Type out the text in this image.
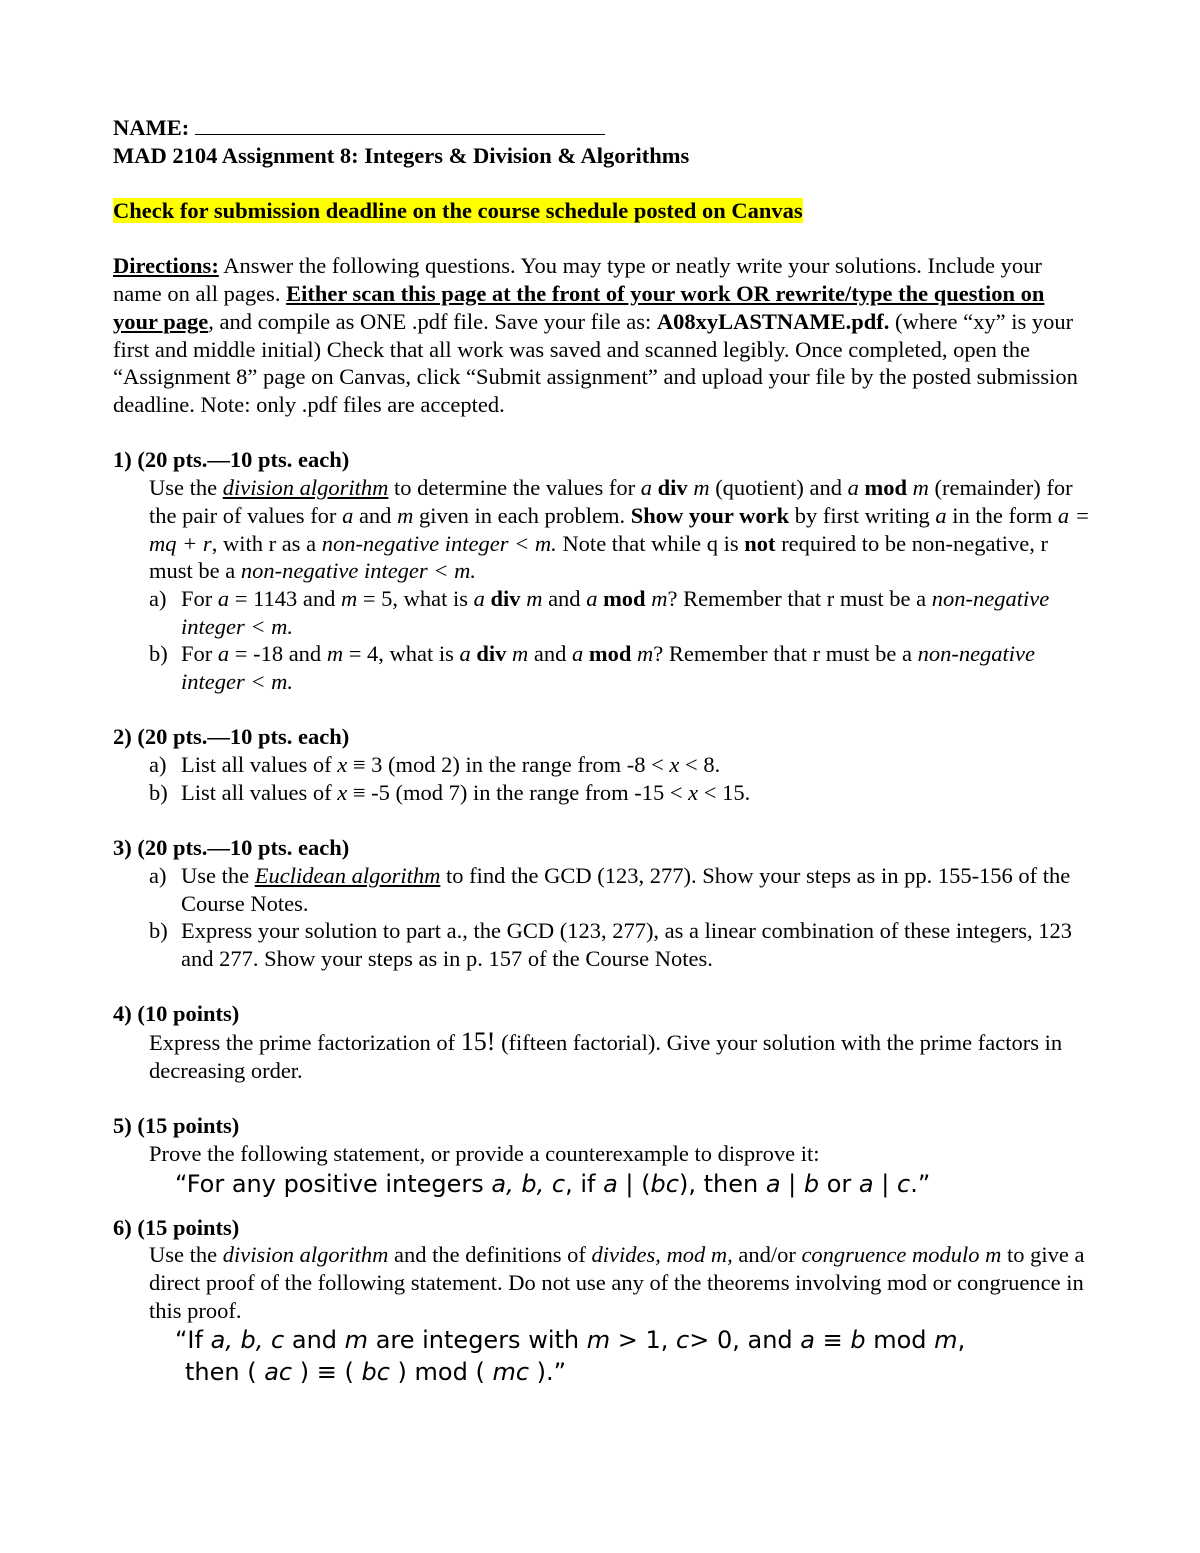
NAME:

MAD 2104 Assignment 8: Integers & Division & Algorithms

Check for submission deadline on the course schedule posted on Canvas

Directions: Answer the following questions. You may type or neatly write your solutions. Include your name on all pages. Either scan this page at the front of your work OR rewrite/type the question on your page, and compile as ONE .pdf file. Save your file as: A08xyLASTNAME.pdf. (where “xy” is your first and middle initial) Check that all work was saved and scanned legibly. Once completed, open the “Assignment 8” page on Canvas, click “Submit assignment” and upload your file by the posted submission deadline. Note: only .pdf files are accepted.

1) (20 pts.—10 pts. each)

Use the division algorithm to determine the values for a div m (quotient) and a mod m (remainder) for the pair of values for a and m given in each problem. Show your work by first writing a in the form a = mq + r, with r as a non-negative integer < m. Note that while q is not required to be non-negative, r must be a non-negative integer < m.

a) For a = 1143 and m = 5, what is a div m and a mod m? Remember that r must be a non-negative integer < m.
b) For a = -18 and m = 4, what is a div m and a mod m? Remember that r must be a non-negative integer < m.

2) (20 pts.—10 pts. each)

a) List all values of x ≡ 3 (mod 2) in the range from -8 < x < 8.
b) List all values of x ≡ -5 (mod 7) in the range from -15 < x < 15.

3) (20 pts.—10 pts. each)

a) Use the Euclidean algorithm to find the GCD (123, 277). Show your steps as in pp. 155-156 of the Course Notes.
b) Express your solution to part a., the GCD (123, 277), as a linear combination of these integers, 123 and 277. Show your steps as in p. 157 of the Course Notes.

4) (10 points)

Express the prime factorization of 15! (fifteen factorial). Give your solution with the prime factors in decreasing order.

5) (15 points)

Prove the following statement, or provide a counterexample to disprove it:

“For any positive integers a, b, c, if a | (bc), then a | b or a | c.”

6) (15 points)

Use the division algorithm and the definitions of divides, mod m, and/or congruence modulo m to give a direct proof of the following statement. Do not use any of the theorems involving mod or congruence in this proof.

“If a, b, c and m are integers with m > 1, c> 0, and a ≡ b mod m,

then ( ac ) ≡ ( bc ) mod ( mc ).”
